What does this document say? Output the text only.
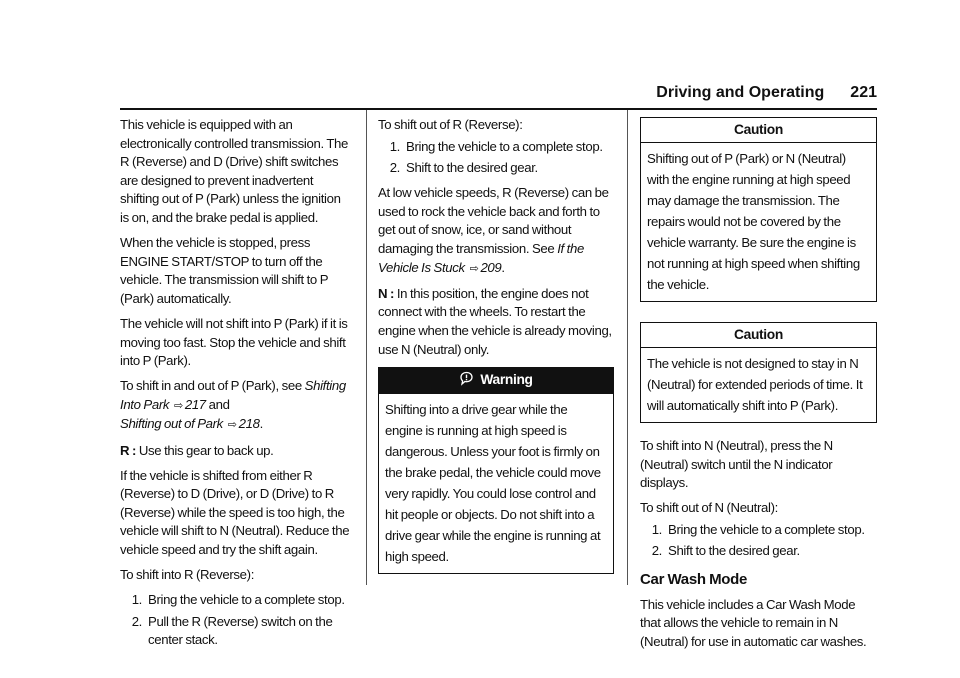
Driving and Operating 221

This vehicle is equipped with an electronically controlled transmission. The R (Reverse) and D (Drive) shift switches are designed to prevent inadvertent shifting out of P (Park) unless the ignition is on, and the brake pedal is applied.

When the vehicle is stopped, press ENGINE START/STOP to turn off the vehicle. The transmission will shift to P (Park) automatically.

The vehicle will not shift into P (Park) if it is moving too fast. Stop the vehicle and shift into P (Park).

To shift in and out of P (Park), see Shifting Into Park ⇨ 217 and
Shifting out of Park ⇨ 218.

R : Use this gear to back up.

If the vehicle is shifted from either R (Reverse) to D (Drive), or D (Drive) to R (Reverse) while the speed is too high, the vehicle will shift to N (Neutral). Reduce the vehicle speed and try the shift again.

To shift into R (Reverse):

1. Bring the vehicle to a complete stop.
2. Pull the R (Reverse) switch on the center stack.

To shift out of R (Reverse):

1. Bring the vehicle to a complete stop.
2. Shift to the desired gear.

At low vehicle speeds, R (Reverse) can be used to rock the vehicle back and forth to get out of snow, ice, or sand without damaging the transmission. See If the Vehicle Is Stuck ⇨ 209.

N : In this position, the engine does not connect with the wheels. To restart the engine when the vehicle is already moving, use N (Neutral) only.

Warning
Shifting into a drive gear while the engine is running at high speed is dangerous. Unless your foot is firmly on the brake pedal, the vehicle could move very rapidly. You could lose control and hit people or objects. Do not shift into a drive gear while the engine is running at high speed.
Caution
Shifting out of P (Park) or N (Neutral) with the engine running at high speed may damage the transmission. The repairs would not be covered by the vehicle warranty. Be sure the engine is not running at high speed when shifting the vehicle.
Caution
The vehicle is not designed to stay in N (Neutral) for extended periods of time. It will automatically shift into P (Park).

To shift into N (Neutral), press the N (Neutral) switch until the N indicator displays.

To shift out of N (Neutral):

1. Bring the vehicle to a complete stop.
2. Shift to the desired gear.
Car Wash Mode

This vehicle includes a Car Wash Mode that allows the vehicle to remain in N (Neutral) for use in automatic car washes.
